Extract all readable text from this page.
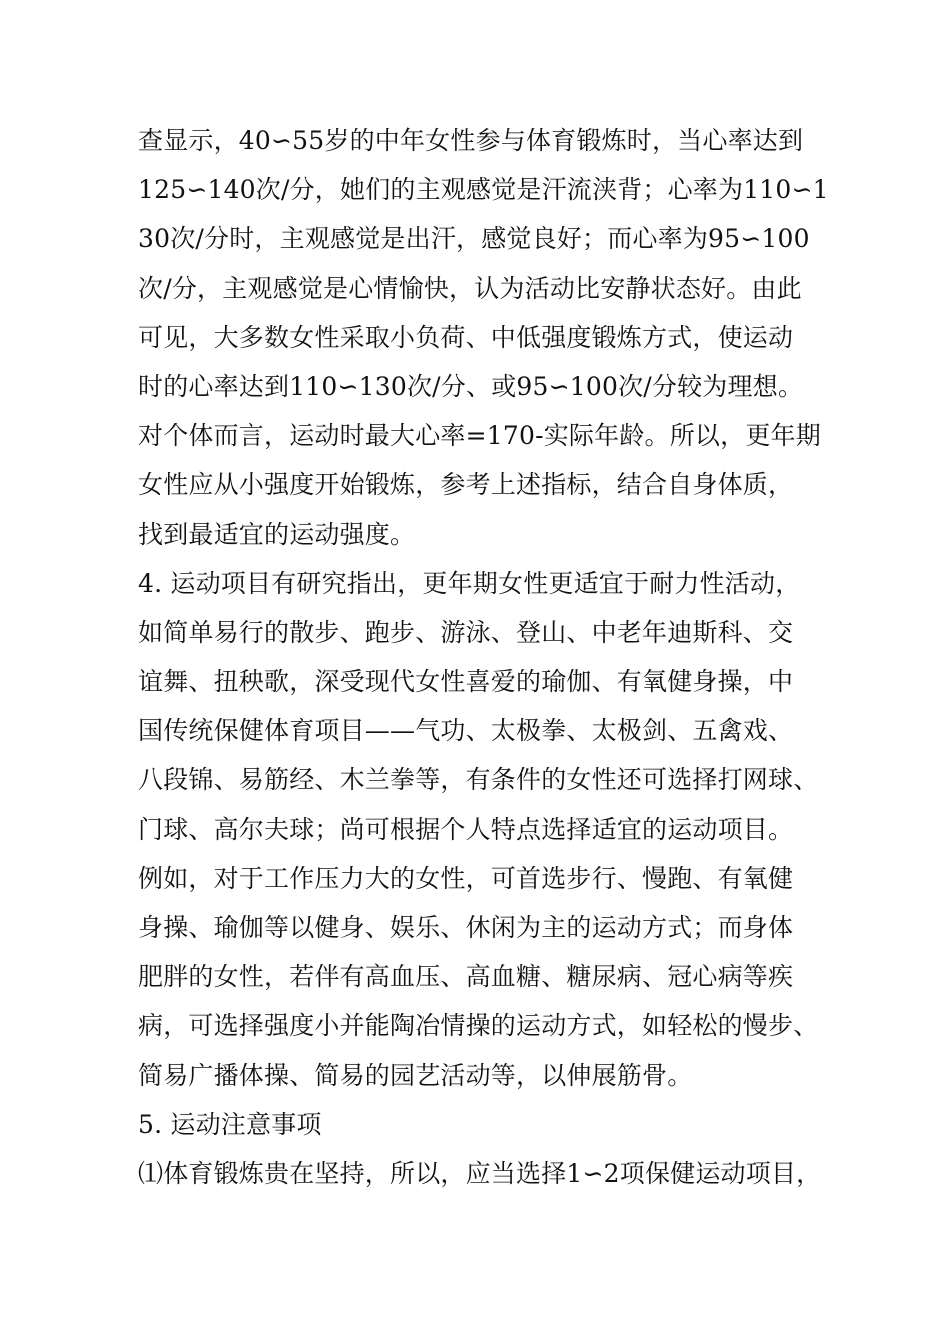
查显示，40∽55岁的中年女性参与体育锻炼时，当心率达到
125∽140次/分，她们的主观感觉是汗流浃背；心率为110∽1
30次/分时，主观感觉是出汗，感觉良好；而心率为95∽100
次/分，主观感觉是心情愉快，认为活动比安静状态好。由此
可见，大多数女性采取小负荷、中低强度锻炼方式，使运动
时的心率达到110∽130次/分、或95∽100次/分较为理想。
对个体而言，运动时最大心率=170-实际年龄。所以，更年期
女性应从小强度开始锻炼，参考上述指标，结合自身体质，
找到最适宜的运动强度。
4. 运动项目有研究指出，更年期女性更适宜于耐力性活动，
如简单易行的散步、跑步、游泳、登山、中老年迪斯科、交
谊舞、扭秧歌，深受现代女性喜爱的瑜伽、有氧健身操，中
国传统保健体育项目——气功、太极拳、太极剑、五禽戏、
八段锦、易筋经、木兰拳等，有条件的女性还可选择打网球、
门球、高尔夫球；尚可根据个人特点选择适宜的运动项目。
例如，对于工作压力大的女性，可首选步行、慢跑、有氧健
身操、瑜伽等以健身、娱乐、休闲为主的运动方式；而身体
肥胖的女性，若伴有高血压、高血糖、糖尿病、冠心病等疾
病，可选择强度小并能陶冶情操的运动方式，如轻松的慢步、
简易广播体操、简易的园艺活动等，以伸展筋骨。
5. 运动注意事项
⑴体育锻炼贵在坚持，所以，应当选择1∽2项保健运动项目，
